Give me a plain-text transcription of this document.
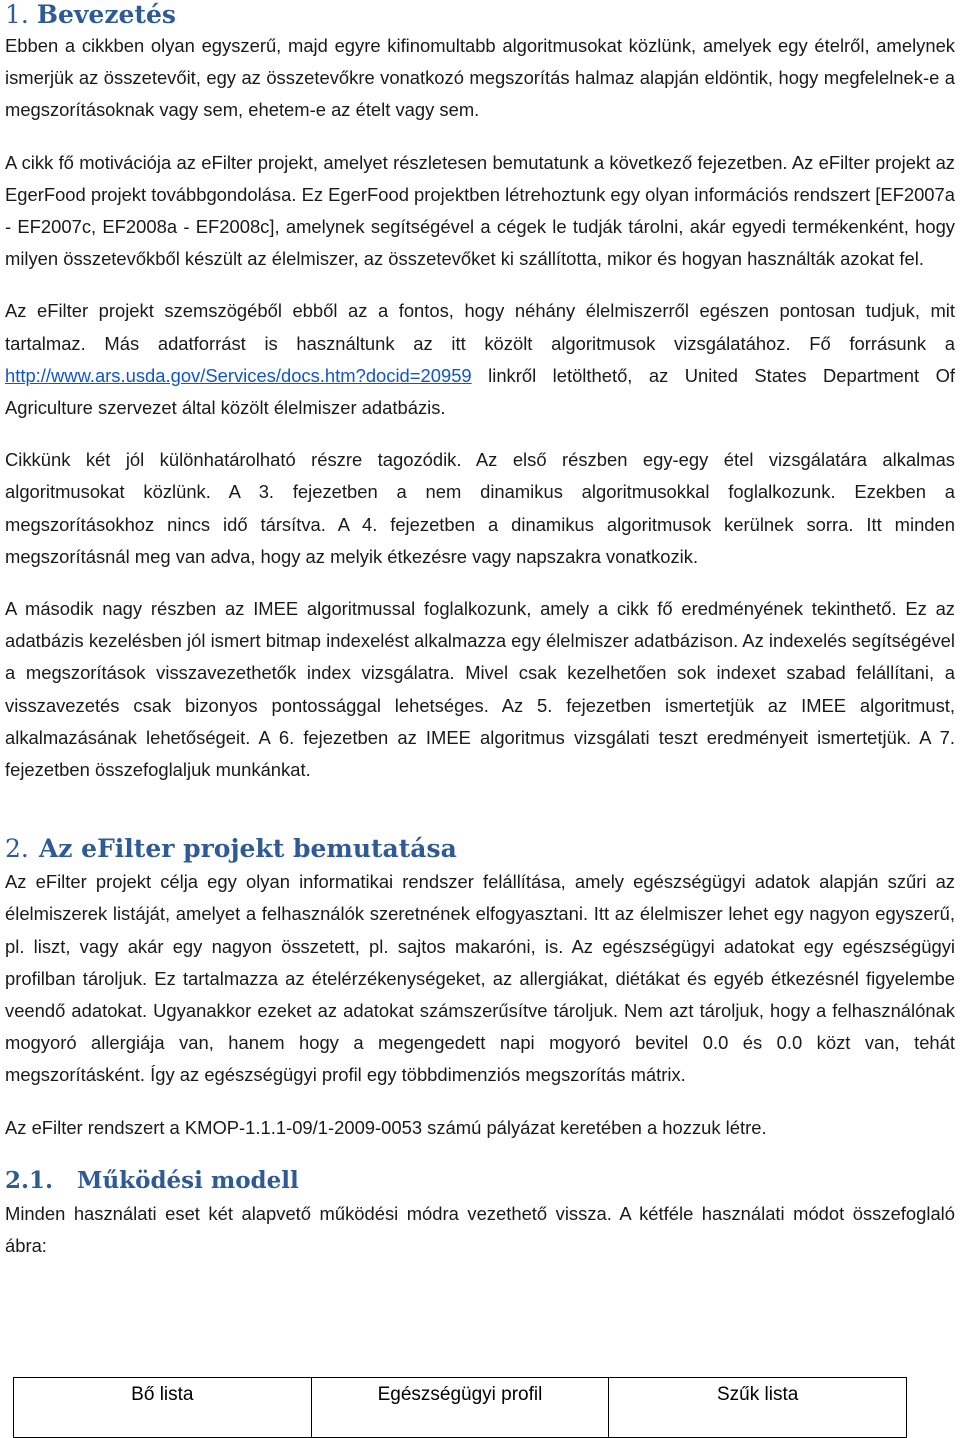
1. Bevezetés

Ebben a cikkben olyan egyszerű, majd egyre kifinomultabb algoritmusokat közlünk, amelyek egy ételről, amelynek ismerjük az összetevőit, egy az összetevőkre vonatkozó megszorítás halmaz alapján eldöntik, hogy megfelelnek-e a megszorításoknak vagy sem, ehetem-e az ételt vagy sem.

A cikk fő motivációja az eFilter projekt, amelyet részletesen bemutatunk a következő fejezetben. Az eFilter projekt az EgerFood projekt továbbgondolása. Ez EgerFood projektben létrehoztunk egy olyan információs rendszert [EF2007a - EF2007c, EF2008a - EF2008c], amelynek segítségével a cégek le tudják tárolni, akár egyedi termékenként, hogy milyen összetevőkből készült az élelmiszer, az összetevőket ki szállította, mikor és hogyan használták azokat fel.

Az eFilter projekt szemszögéből ebből az a fontos, hogy néhány élelmiszerről egészen pontosan tudjuk, mit tartalmaz. Más adatforrást is használtunk az itt közölt algoritmusok vizsgálatához. Fő forrásunk a http://www.ars.usda.gov/Services/docs.htm?docid=20959 linkről letölthető, az United States Department Of Agriculture szervezet által közölt élelmiszer adatbázis.

Cikkünk két jól különhatárolható részre tagozódik. Az első részben egy-egy étel vizsgálatára alkalmas algoritmusokat közlünk. A 3. fejezetben a nem dinamikus algoritmusokkal foglalkozunk. Ezekben a megszorításokhoz nincs idő társítva. A 4. fejezetben a dinamikus algoritmusok kerülnek sorra. Itt minden megszorításnál meg van adva, hogy az melyik étkezésre vagy napszakra vonatkozik.

A második nagy részben az IMEE algoritmussal foglalkozunk, amely a cikk fő eredményének tekinthető. Ez az adatbázis kezelésben jól ismert bitmap indexelést alkalmazza egy élelmiszer adatbázison. Az indexelés segítségével a megszorítások visszavezethetők index vizsgálatra. Mivel csak kezelhetően sok indexet szabad felállítani, a visszavezetés csak bizonyos pontossággal lehetséges. Az 5. fejezetben ismertetjük az IMEE algoritmust, alkalmazásának lehetőségeit. A 6. fejezetben az IMEE algoritmus vizsgálati teszt eredményeit ismertetjük. A 7. fejezetben összefoglaljuk munkánkat.

2. Az eFilter projekt bemutatása

Az eFilter projekt célja egy olyan informatikai rendszer felállítása, amely egészségügyi adatok alapján szűri az élelmiszerek listáját, amelyet a felhasználók szeretnének elfogyasztani. Itt az élelmiszer lehet egy nagyon egyszerű, pl. liszt, vagy akár egy nagyon összetett, pl. sajtos makaróni, is. Az egészségügyi adatokat egy egészségügyi profilban tároljuk. Ez tartalmazza az ételérzékenységeket, az allergiákat, diétákat és egyéb étkezésnél figyelembe veendő adatokat. Ugyanakkor ezeket az adatokat számszerűsítve tároljuk. Nem azt tároljuk, hogy a felhasználónak mogyoró allergiája van, hanem hogy a megengedett napi mogyoró bevitel 0.0 és 0.0 közt van, tehát megszorításként. Így az egészségügyi profil egy többdimenziós megszorítás mátrix.

Az eFilter rendszert a KMOP-1.1.1-09/1-2009-0053 számú pályázat keretében a hozzuk létre.

2.1. Működési modell

Minden használati eset két alapvető működési módra vezethető vissza. A kétféle használati módot összefoglaló ábra:

Bő lista	Egészségügyi profil	Szűk lista
